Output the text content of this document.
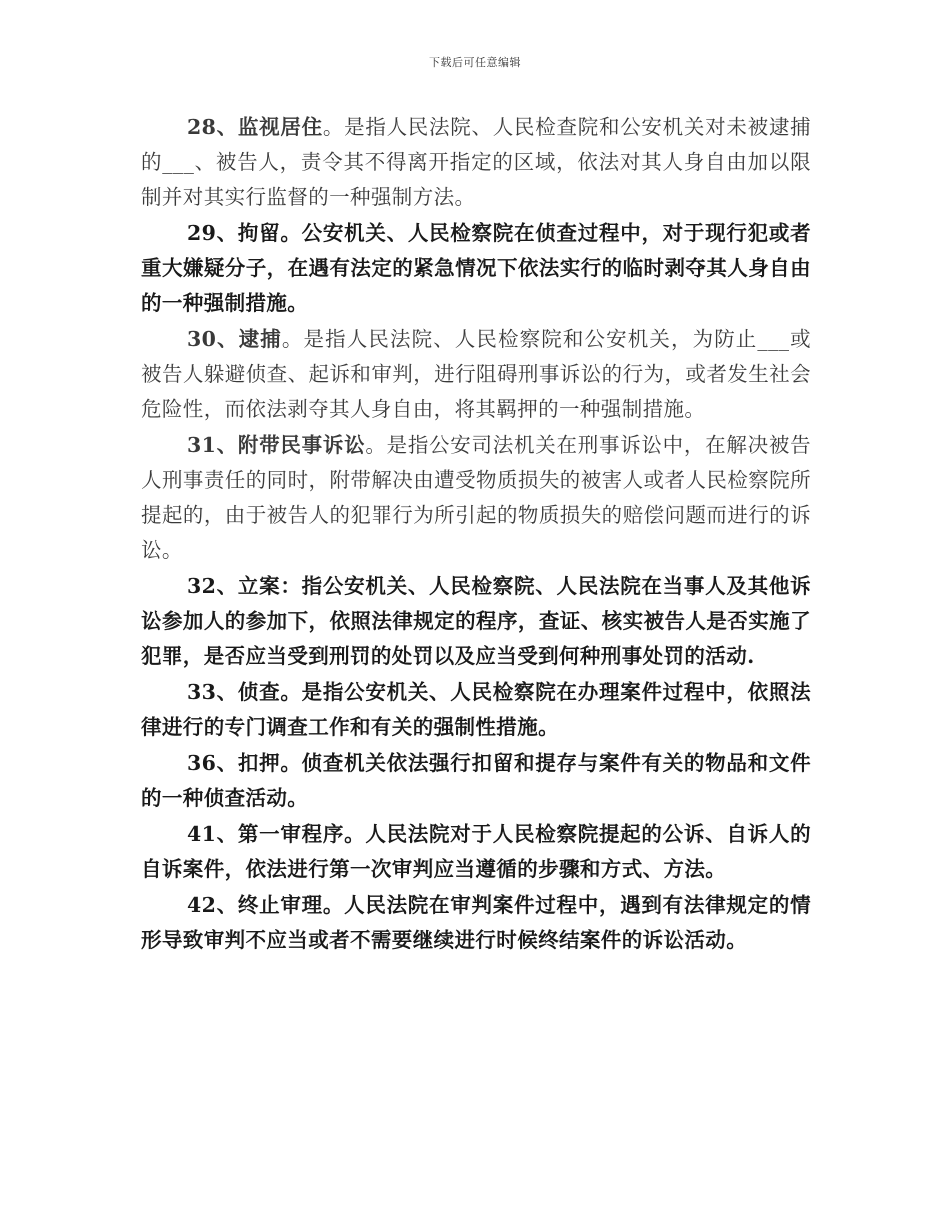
下载后可任意编辑

28、监视居住。是指人民法院、人民检查院和公安机关对未被逮捕的___、被告人，责令其不得离开指定的区域，依法对其人身自由加以限制并对其实行监督的一种强制方法。

29、拘留。公安机关、人民检察院在侦查过程中，对于现行犯或者重大嫌疑分子，在遇有法定的紧急情况下依法实行的临时剥夺其人身自由的一种强制措施。

30、逮捕。是指人民法院、人民检察院和公安机关，为防止___或被告人躲避侦查、起诉和审判，进行阻碍刑事诉讼的行为，或者发生社会危险性，而依法剥夺其人身自由，将其羁押的一种强制措施。

31、附带民事诉讼。是指公安司法机关在刑事诉讼中，在解决被告人刑事责任的同时，附带解决由遭受物质损失的被害人或者人民检察院所提起的，由于被告人的犯罪行为所引起的物质损失的赔偿问题而进行的诉讼。

32、立案：指公安机关、人民检察院、人民法院在当事人及其他诉讼参加人的参加下，依照法律规定的程序，查证、核实被告人是否实施了犯罪，是否应当受到刑罚的处罚以及应当受到何种刑事处罚的活动.

33、侦查。是指公安机关、人民检察院在办理案件过程中，依照法律进行的专门调查工作和有关的强制性措施。

36、扣押。侦查机关依法强行扣留和提存与案件有关的物品和文件的一种侦查活动。

41、第一审程序。人民法院对于人民检察院提起的公诉、自诉人的自诉案件，依法进行第一次审判应当遵循的步骤和方式、方法。

42、终止审理。人民法院在审判案件过程中，遇到有法律规定的情形导致审判不应当或者不需要继续进行时候终结案件的诉讼活动。
